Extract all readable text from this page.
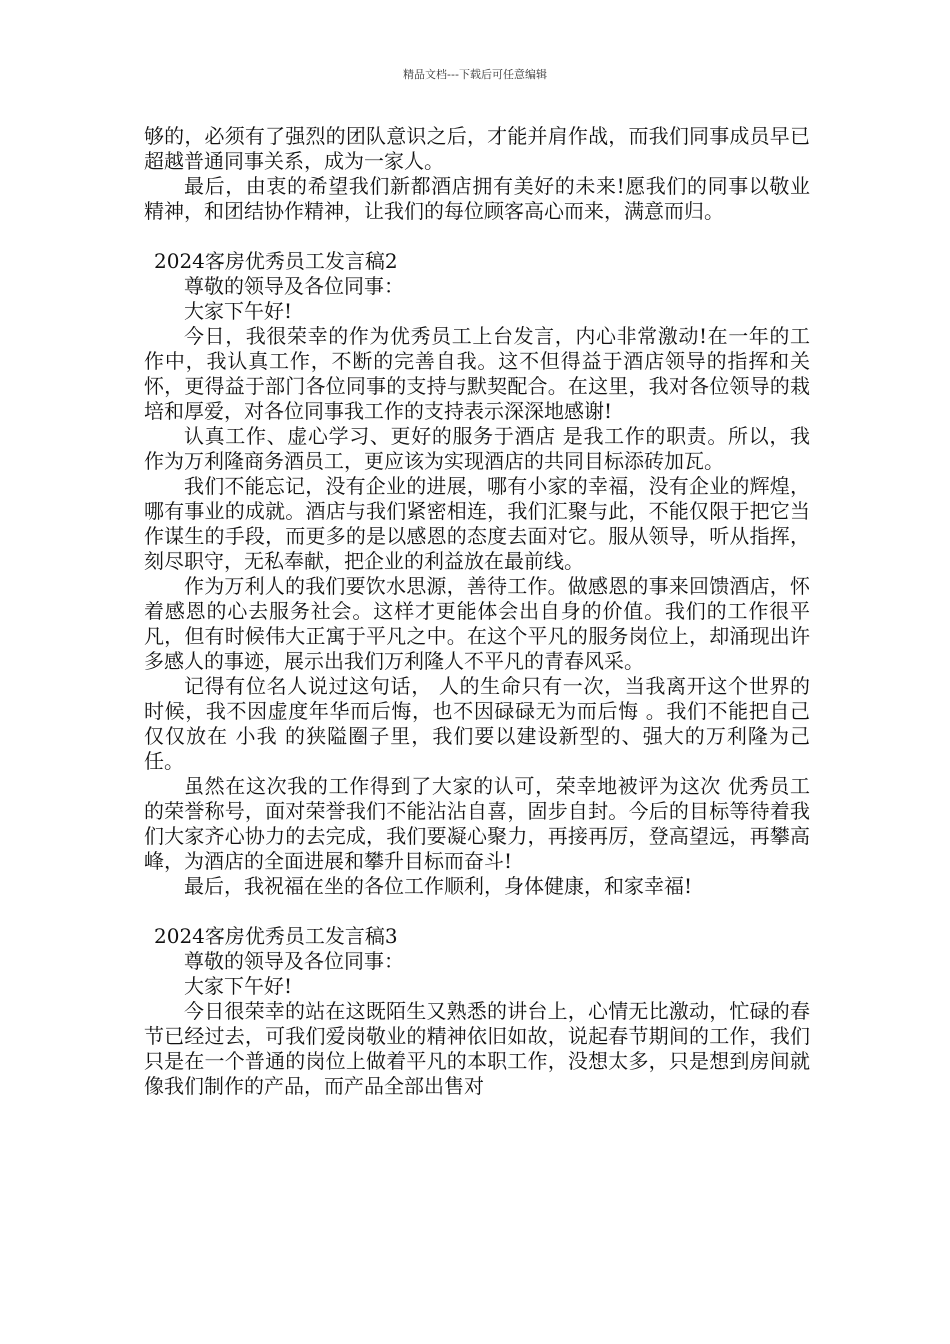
精品文档---下载后可任意编辑

够的，必须有了强烈的团队意识之后，才能并肩作战，而我们同事成员早已超越普通同事关系，成为一家人。

最后，由衷的希望我们新都酒店拥有美好的未来!愿我们的同事以敬业精神，和团结协作精神，让我们的每位顾客高心而来，满意而归。

2024客房优秀员工发言稿2

尊敬的领导及各位同事：

大家下午好!

今日，我很荣幸的作为优秀员工上台发言，内心非常激动!在一年的工作中，我认真工作，不断的完善自我。这不但得益于酒店领导的指挥和关怀，更得益于部门各位同事的支持与默契配合。在这里，我对各位领导的栽培和厚爱，对各位同事我工作的支持表示深深地感谢!

认真工作、虚心学习、更好的服务于酒店 是我工作的职责。所以，我作为万利隆商务酒员工，更应该为实现酒店的共同目标添砖加瓦。

我们不能忘记，没有企业的进展，哪有小家的幸福，没有企业的辉煌，哪有事业的成就。酒店与我们紧密相连，我们汇聚与此，不能仅限于把它当作谋生的手段，而更多的是以感恩的态度去面对它。服从领导，听从指挥，刻尽职守，无私奉献，把企业的利益放在最前线。

作为万利人的我们要饮水思源，善待工作。做感恩的事来回馈酒店，怀着感恩的心去服务社会。这样才更能体会出自身的价值。我们的工作很平凡，但有时候伟大正寓于平凡之中。在这个平凡的服务岗位上，却涌现出许多感人的事迹，展示出我们万利隆人不平凡的青春风采。

记得有位名人说过这句话， 人的生命只有一次，当我离开这个世界的时候，我不因虚度年华而后悔，也不因碌碌无为而后悔 。我们不能把自己仅仅放在 小我 的狭隘圈子里，我们要以建设新型的、强大的万利隆为己任。

虽然在这次我的工作得到了大家的认可，荣幸地被评为这次 优秀员工 的荣誉称号，面对荣誉我们不能沾沾自喜，固步自封。今后的目标等待着我们大家齐心协力的去完成，我们要凝心聚力，再接再厉，登高望远，再攀高峰，为酒店的全面进展和攀升目标而奋斗!

最后，我祝福在坐的各位工作顺利，身体健康，和家幸福!

2024客房优秀员工发言稿3

尊敬的领导及各位同事：

大家下午好!

今日很荣幸的站在这既陌生又熟悉的讲台上，心情无比激动，忙碌的春节已经过去，可我们爱岗敬业的精神依旧如故，说起春节期间的工作，我们只是在一个普通的岗位上做着平凡的本职工作，没想太多，只是想到房间就像我们制作的产品，而产品全部出售对
